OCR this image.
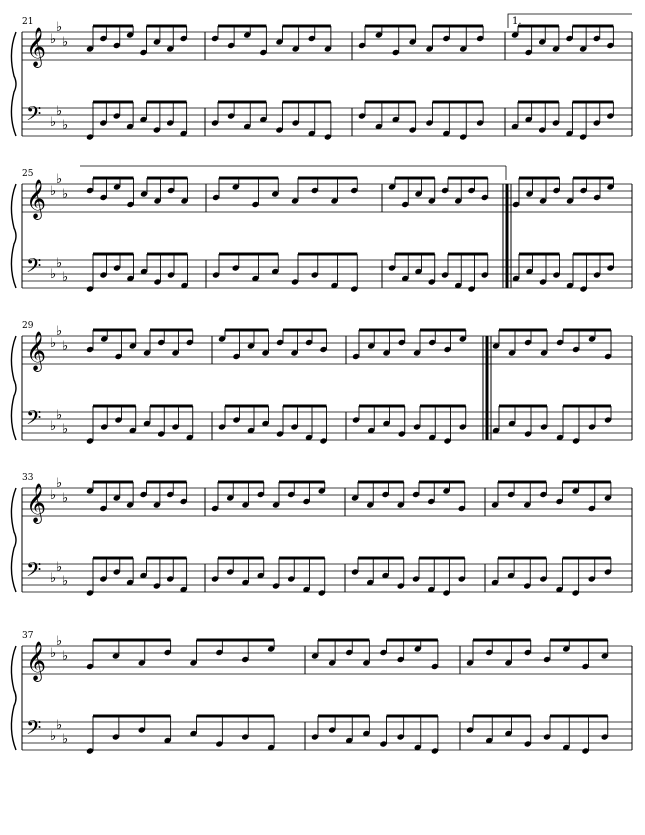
𝄞 ♭
♭
♭
𝄢 ♭
♭
♭
21	1.
𝄞 ♭
♭
♭
𝄢 ♭
♭
♭
25
𝄞 ♭
♭
♭
𝄢 ♭
♭
♭
29
𝄞 ♭
♭
♭
𝄢 ♭
♭
♭
33
𝄞 ♭
♭
♭
𝄢 ♭
♭
♭
37
